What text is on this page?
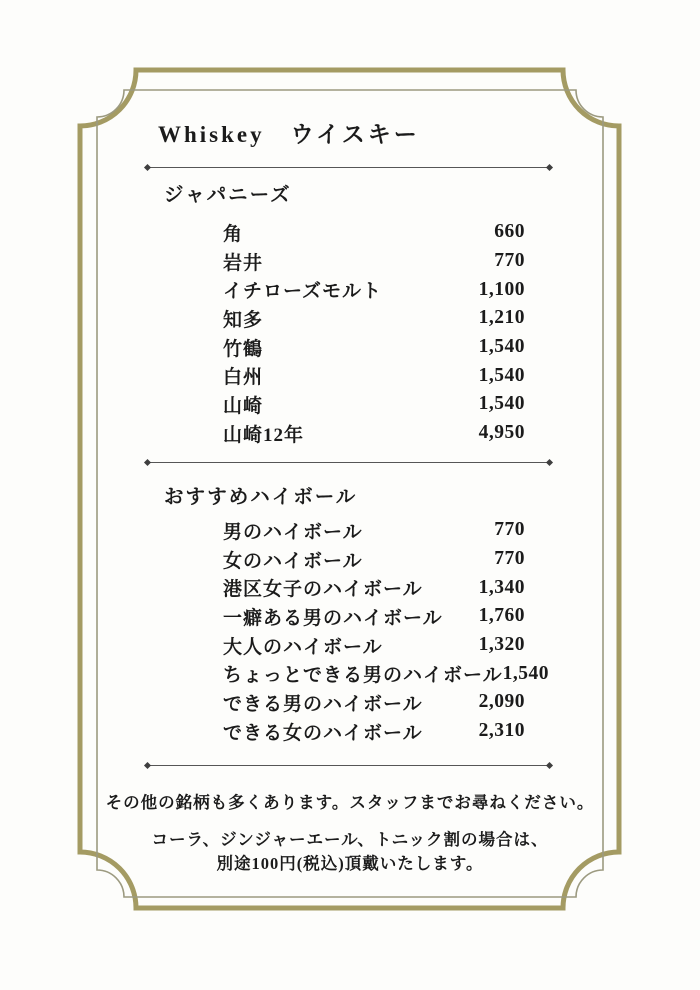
Whiskey　ウイスキー
ジャパニーズ
角	660
岩井	770
イチローズモルト	1,100
知多	1,210
竹鶴	1,540
白州	1,540
山崎	1,540
山崎12年	4,950
おすすめハイボール
男のハイボール	770
女のハイボール	770
港区女子のハイボール	1,340
一癖ある男のハイボール 1,760
大人のハイボール	1,320
ちょっとできる男のハイボール 1,540
できる男のハイボール	2,090
できる女のハイボール	2,310
その他の銘柄も多くあります。スタッフまでお尋ねください。
コーラ、ジンジャーエール、トニック割の場合は、
別途100円(税込)頂戴いたします。
